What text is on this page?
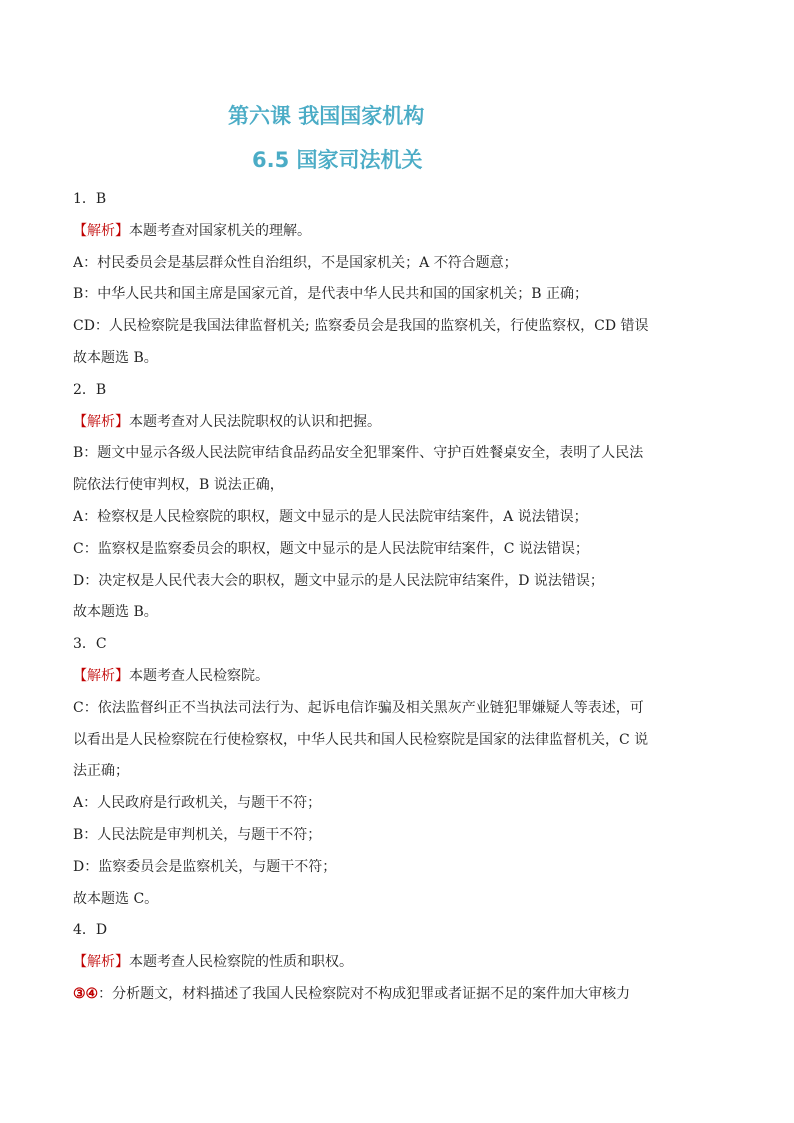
第六课 我国国家机构
6.5 国家司法机关
1．B
【解析】本题考查对国家机关的理解。
A：村民委员会是基层群众性自治组织，不是国家机关；A 不符合题意；
B：中华人民共和国主席是国家元首，是代表中华人民共和国的国家机关；B 正确；
CD：人民检察院是我国法律监督机关; 监察委员会是我国的监察机关，行使监察权，CD 错误
故本题选 B。
2．B
【解析】本题考查对人民法院职权的认识和把握。
B：题文中显示各级人民法院审结食品药品安全犯罪案件、守护百姓餐桌安全，表明了人民法
院依法行使审判权，B 说法正确，
A：检察权是人民检察院的职权，题文中显示的是人民法院审结案件，A 说法错误；
C：监察权是监察委员会的职权，题文中显示的是人民法院审结案件，C 说法错误；
D：决定权是人民代表大会的职权，题文中显示的是人民法院审结案件，D 说法错误；
故本题选 B。
3．C
【解析】本题考查人民检察院。
C：依法监督纠正不当执法司法行为、起诉电信诈骗及相关黑灰产业链犯罪嫌疑人等表述，可
以看出是人民检察院在行使检察权，中华人民共和国人民检察院是国家的法律监督机关，C 说
法正确；
A：人民政府是行政机关，与题干不符；
B：人民法院是审判机关，与题干不符；
D：监察委员会是监察机关，与题干不符；
故本题选 C。
4．D
【解析】本题考查人民检察院的性质和职权。
③④：分析题文，材料描述了我国人民检察院对不构成犯罪或者证据不足的案件加大审核力
